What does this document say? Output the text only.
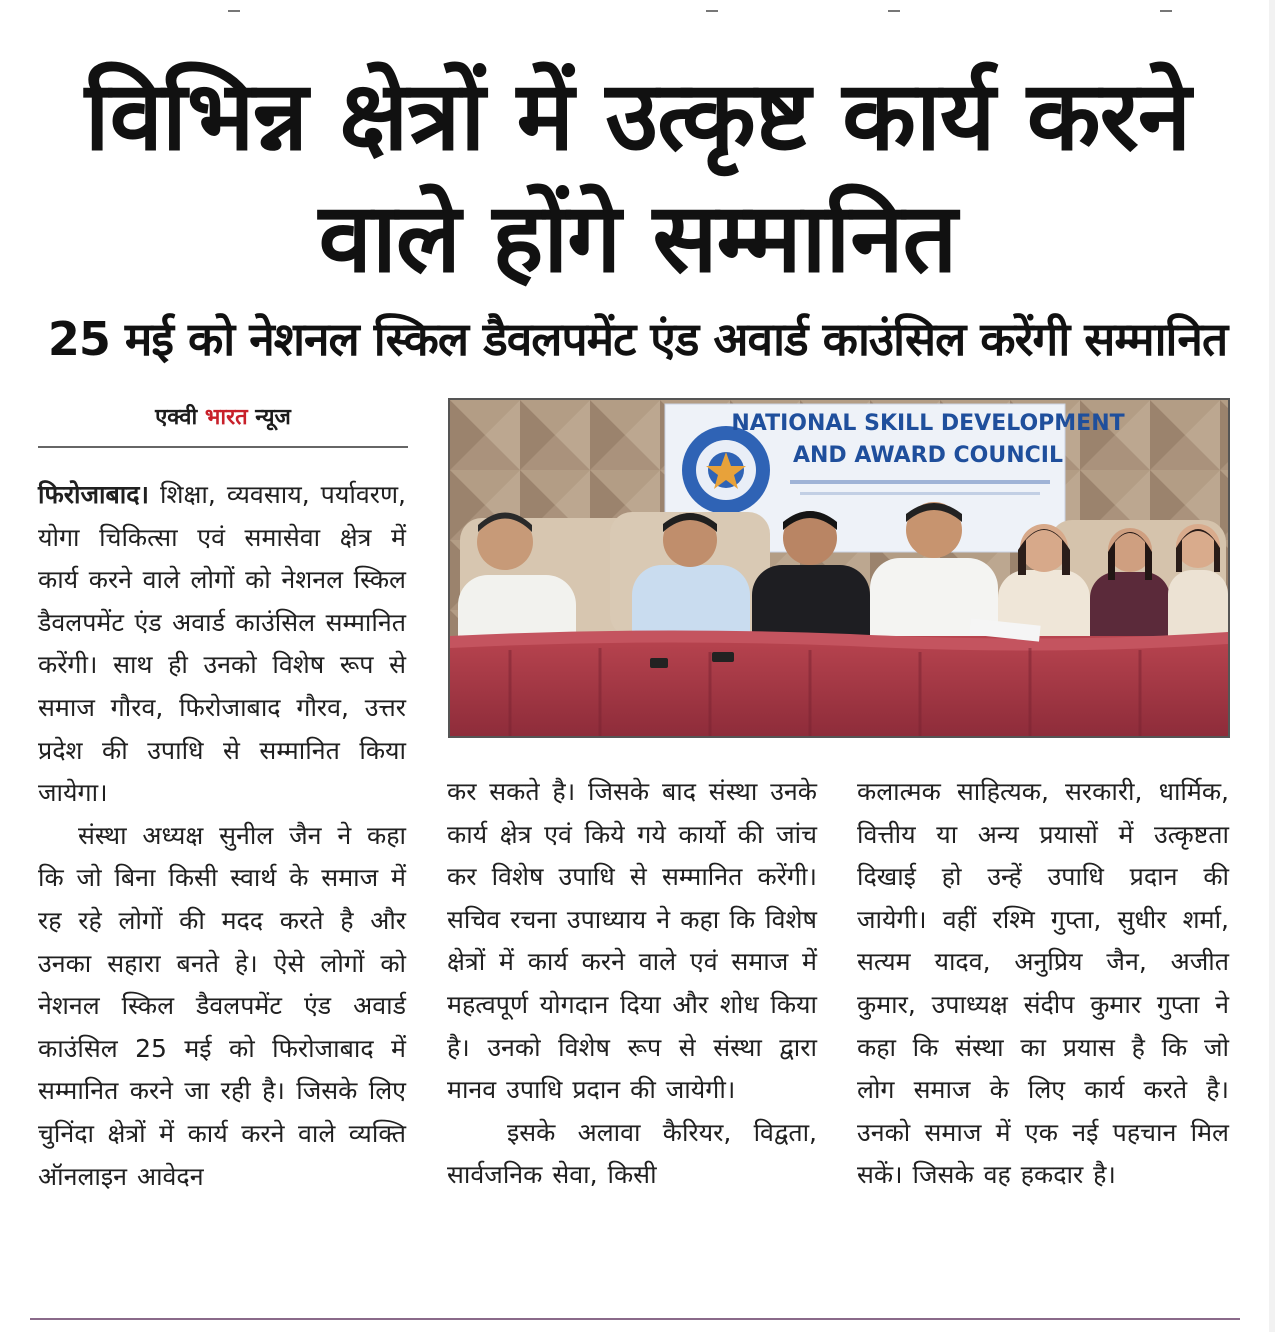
विभिन्न क्षेत्रों में उत्कृष्ट कार्य करने वाले होंगे सम्मानित
25 मई को नेशनल स्किल डैवलपमेंट एंड अवार्ड काउंसिल करेंगी सम्मानित
एक्वी भारत न्यूज

फिरोजाबाद। शिक्षा, व्यवसाय, पर्यावरण, योगा चिकित्सा एवं समासेवा क्षेत्र में कार्य करने वाले लोगों को नेशनल स्किल डैवलपमेंट एंड अवार्ड काउंसिल सम्मानित करेंगी। साथ ही उनको विशेष रूप से समाज गौरव, फिरोजाबाद गौरव, उत्तर प्रदेश की उपाधि से सम्मानित किया जायेगा।

संस्था अध्यक्ष सुनील जैन ने कहा कि जो बिना किसी स्वार्थ के समाज में रह रहे लोगों की मदद करते है और उनका सहारा बनते हे। ऐसे लोगों को नेशनल स्किल डैवलपमेंट एंड अवार्ड काउंसिल 25 मई को फिरोजाबाद में सम्मानित करने जा रही है। जिसके लिए चुनिंदा क्षेत्रों में कार्य करने वाले व्यक्ति ऑनलाइन आवेदन

कर सकते है। जिसके बाद संस्था उनके कार्य क्षेत्र एवं किये गये कार्यो की जांच कर विशेष उपाधि से सम्मानित करेंगी। सचिव रचना उपाध्याय ने कहा कि विशेष क्षेत्रों में कार्य करने वाले एवं समाज में महत्वपूर्ण योगदान दिया और शोध किया है। उनको विशेष रूप से संस्था द्वारा मानव उपाधि प्रदान की जायेगी।

इसके अलावा कैरियर, विद्वता, सार्वजनिक सेवा, किसी

कलात्मक साहित्यक, सरकारी, धार्मिक, वित्तीय या अन्य प्रयासों में उत्कृष्टता दिखाई हो उन्हें उपाधि प्रदान की जायेगी। वहीं रश्मि गुप्ता, सुधीर शर्मा, सत्यम यादव, अनुप्रिय जैन, अजीत कुमार, उपाध्यक्ष संदीप कुमार गुप्ता ने कहा कि संस्था का प्रयास है कि जो लोग समाज के लिए कार्य करते है। उनको समाज में एक नई पहचान मिल सकें। जिसके वह हकदार है।

NATIONAL SKILL DEVELOPMENT
AND AWARD COUNCIL
